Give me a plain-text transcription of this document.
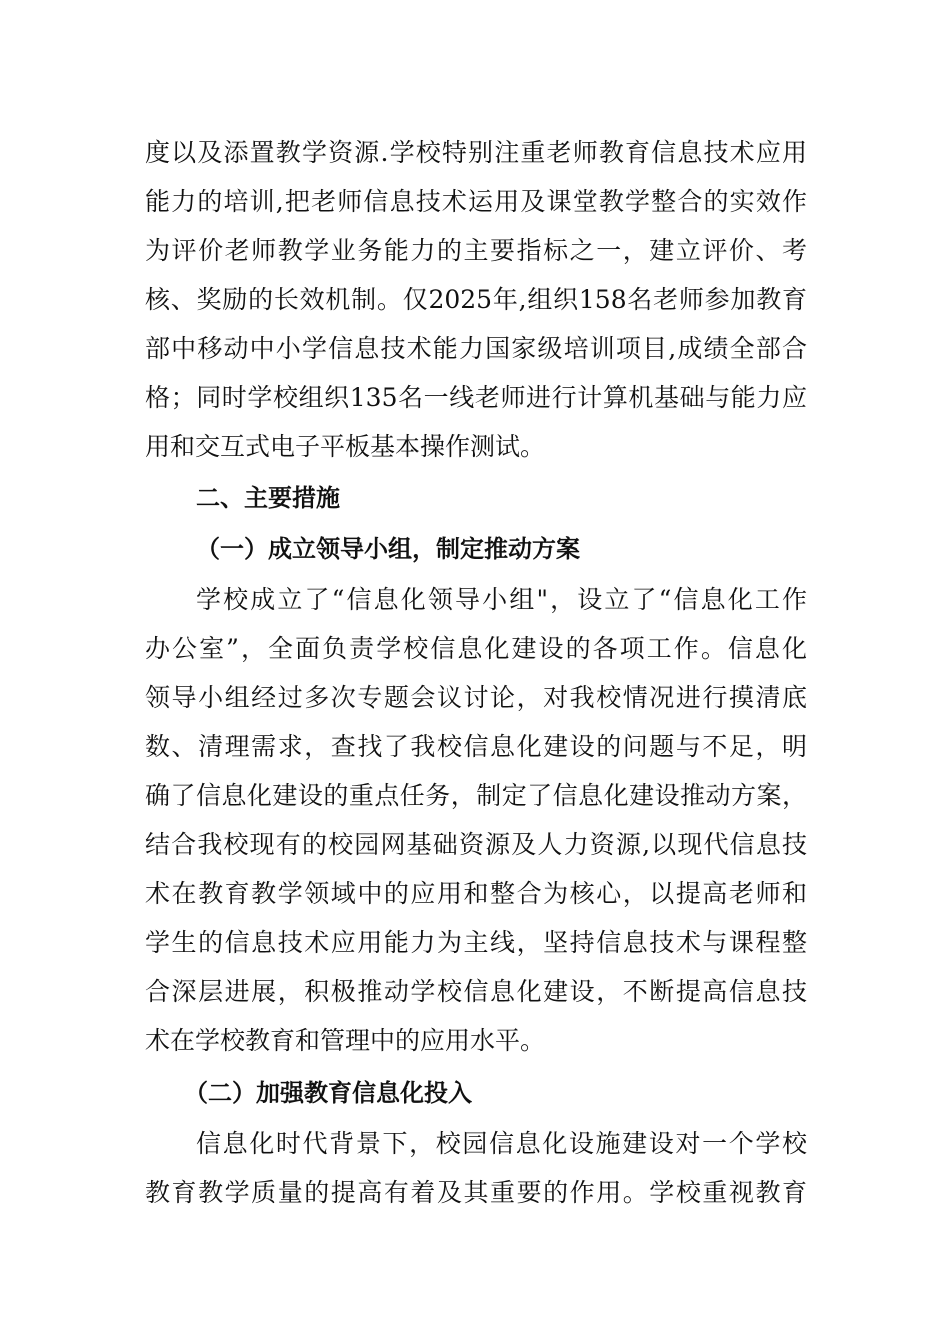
度以及添置教学资源.学校特别注重老师教育信息技术应用
能力的培训,把老师信息技术运用及课堂教学整合的实效作
为评价老师教学业务能力的主要指标之一，建立评价、考
核、奖励的长效机制。仅2025年,组织158名老师参加教育
部中移动中小学信息技术能力国家级培训项目,成绩全部合
格；同时学校组织135名一线老师进行计算机基础与能力应
用和交互式电子平板基本操作测试。
二、主要措施
（一）成立领导小组，制定推动方案
学校成立了“信息化领导小组"，设立了“信息化工作
办公室”，全面负责学校信息化建设的各项工作。信息化
领导小组经过多次专题会议讨论，对我校情况进行摸清底
数、清理需求，查找了我校信息化建设的问题与不足，明
确了信息化建设的重点任务，制定了信息化建设推动方案，
结合我校现有的校园网基础资源及人力资源,以现代信息技
术在教育教学领域中的应用和整合为核心，以提高老师和
学生的信息技术应用能力为主线，坚持信息技术与课程整
合深层进展，积极推动学校信息化建设，不断提高信息技
术在学校教育和管理中的应用水平。
（二）加强教育信息化投入
信息化时代背景下，校园信息化设施建设对一个学校
教育教学质量的提高有着及其重要的作用。学校重视教育
